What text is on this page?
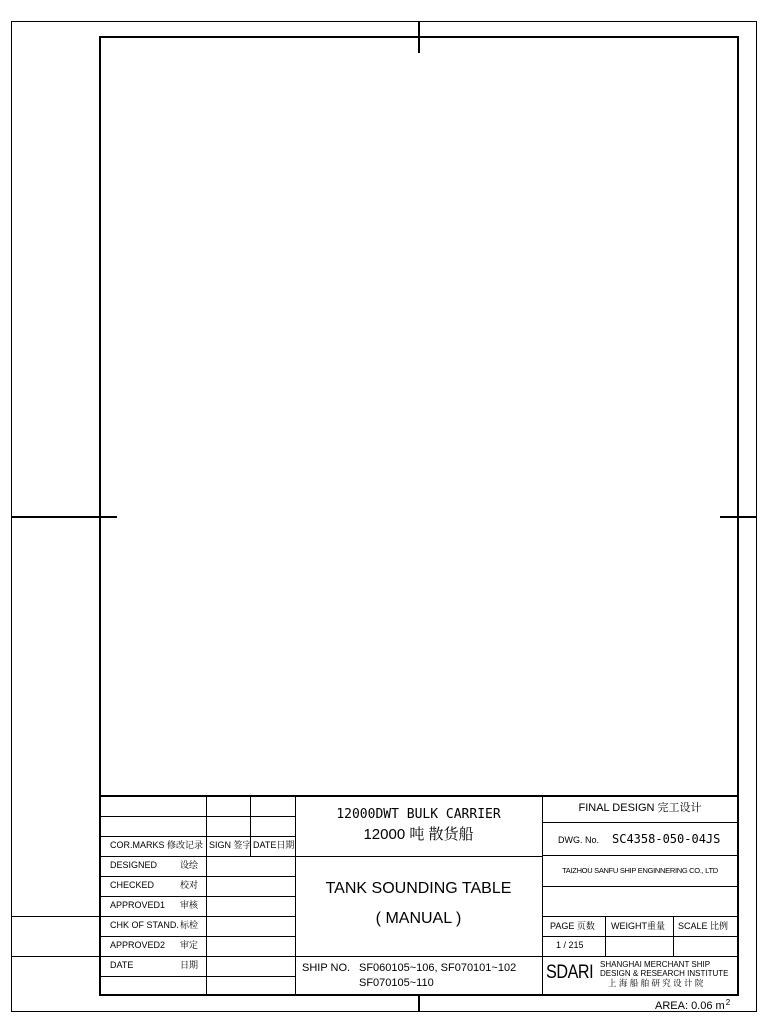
COR.MARKS 修改记录 SIGN 签字 DATE日期
DESIGNED	设绘
CHECKED	校对
APPROVED1 审核
CHK OF STAND. 标检
APPROVED2 审定
DATE	日期
12000DWT BULK CARRIER
12000 吨 散货船
TANK SOUNDING TABLE
( MANUAL )
SHIP NO. SF060105~106, SF070101~102
SF070105~110
FINAL DESIGN 完工设计
DWG. No. SC4358-050-04JS
TAIZHOU SANFU SHIP ENGINNERING CO., LTD
PAGE 页数 WEIGHT重量 SCALE 比例
1 / 215
SDARI SHANGHAI MERCHANT SHIP
DESIGN & RESEARCH INSTITUTE
上 海 船 舶 研 究 设 计 院
AREA: 0.06 $m^2$
